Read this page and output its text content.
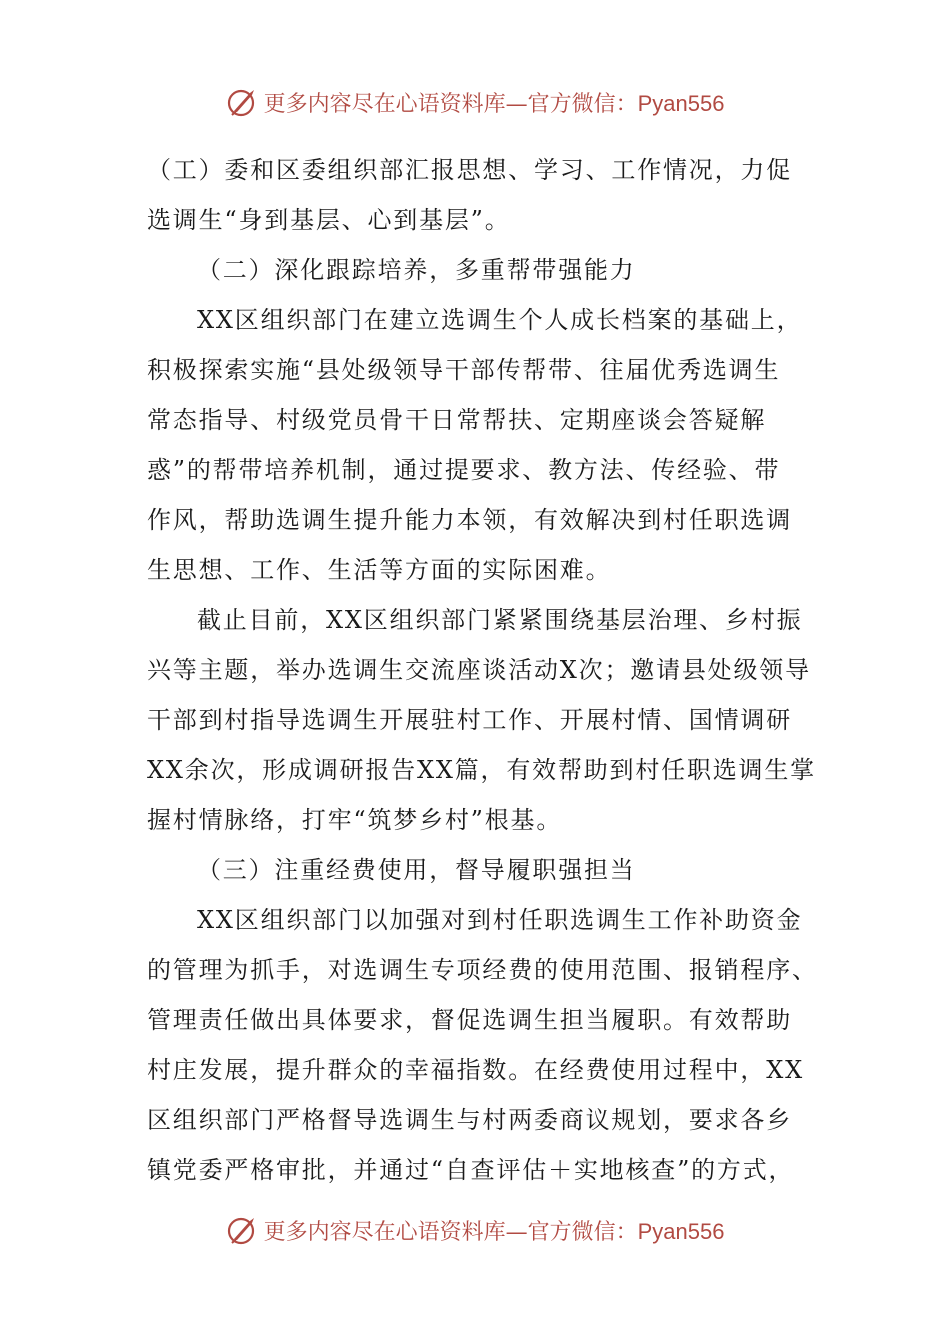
更多内容尽在心语资料库—官方微信：Pyan556
（工）委和区委组织部汇报思想、学习、工作情况，力促
选调生“身到基层、心到基层”。
（二）深化跟踪培养，多重帮带强能力
XX区组织部门在建立选调生个人成长档案的基础上，
积极探索实施“县处级领导干部传帮带、往届优秀选调生
常态指导、村级党员骨干日常帮扶、定期座谈会答疑解
惑”的帮带培养机制，通过提要求、教方法、传经验、带
作风，帮助选调生提升能力本领，有效解决到村任职选调
生思想、工作、生活等方面的实际困难。
截止目前，XX区组织部门紧紧围绕基层治理、乡村振
兴等主题，举办选调生交流座谈活动X次；邀请县处级领导
干部到村指导选调生开展驻村工作、开展村情、国情调研
XX余次，形成调研报告XX篇，有效帮助到村任职选调生掌
握村情脉络，打牢“筑梦乡村”根基。
（三）注重经费使用，督导履职强担当
XX区组织部门以加强对到村任职选调生工作补助资金
的管理为抓手，对选调生专项经费的使用范围、报销程序、
管理责任做出具体要求，督促选调生担当履职。有效帮助
村庄发展，提升群众的幸福指数。在经费使用过程中，XX
区组织部门严格督导选调生与村两委商议规划，要求各乡
镇党委严格审批，并通过“自查评估＋实地核查”的方式，
更多内容尽在心语资料库—官方微信：Pyan556
